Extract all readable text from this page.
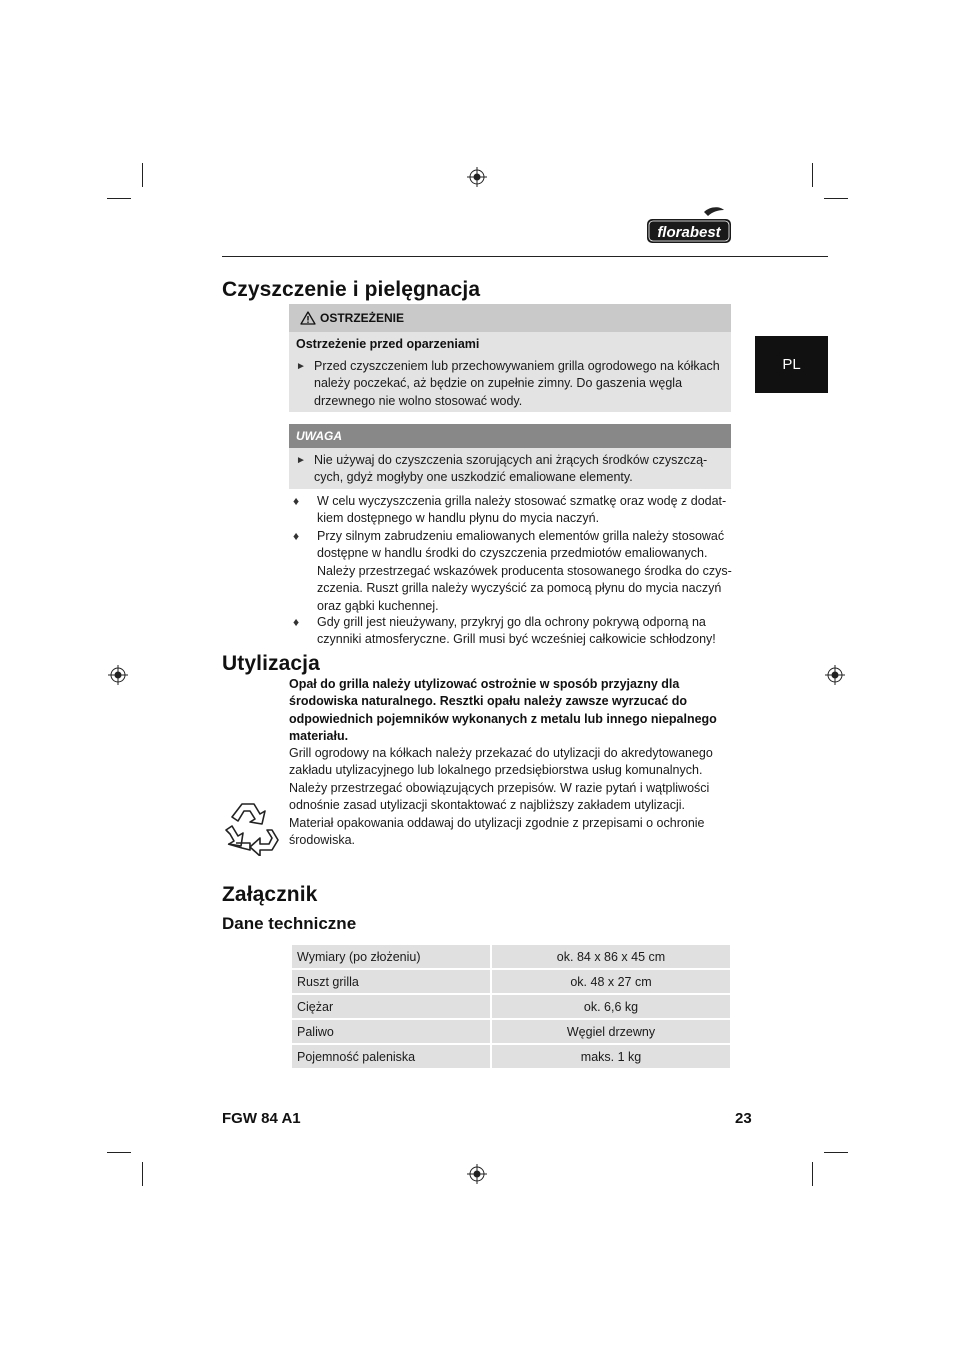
florabest
PL
Czyszczenie i pielęgnacja
OSTRZEŻENIE
Ostrzeżenie przed oparzeniami
► Przed czyszczeniem lub przechowywaniem grilla ogrodowego na kółkach
należy poczekać, aż będzie on zupełnie zimny. Do gaszenia węgla
drzewnego nie wolno stosować wody.
UWAGA
► Nie używaj do czyszczenia szorujących ani żrących środków czyszczą-
cych, gdyż mogłyby one uszkodzić emaliowane elementy.
♦ W celu wyczyszczenia grilla należy stosować szmatkę oraz wodę z dodat-
kiem dostępnego w handlu płynu do mycia naczyń.
♦ Przy silnym zabrudzeniu emaliowanych elementów grilla należy stosować
dostępne w handlu środki do czyszczenia przedmiotów emaliowanych.
Należy przestrzegać wskazówek producenta stosowanego środka do czys-
zczenia. Ruszt grilla należy wyczyścić za pomocą płynu do mycia naczyń
oraz gąbki kuchennej.
♦ Gdy grill jest nieużywany, przykryj go dla ochrony pokrywą odporną na
czynniki atmosferyczne. Grill musi być wcześniej całkowicie schłodzony!
Utylizacja
Opał do grilla należy utylizować ostrożnie w sposób przyjazny dla
środowiska naturalnego. Resztki opału należy zawsze wyrzucać do
odpowiednich pojemników wykonanych z metalu lub innego niepalnego
materiału.
Grill ogrodowy na kółkach należy przekazać do utylizacji do akredytowanego
zakładu utylizacyjnego lub lokalnego przedsiębiorstwa usług komunalnych.
Należy przestrzegać obowiązujących przepisów. W razie pytań i wątpliwości
odnośnie zasad utylizacji skontaktować z najbliższy zakładem utylizacji.
Materiał opakowania oddawaj do utylizacji zgodnie z przepisami o ochronie
środowiska.
Załącznik
Dane techniczne
Wymiary (po złożeniu)	ok. 84 x 86 x 45 cm
Ruszt grilla	ok. 48 x 27 cm
Ciężar	ok. 6,6 kg
Paliwo	Węgiel drzewny
Pojemność paleniska	maks. 1 kg
FGW 84 A1	23
